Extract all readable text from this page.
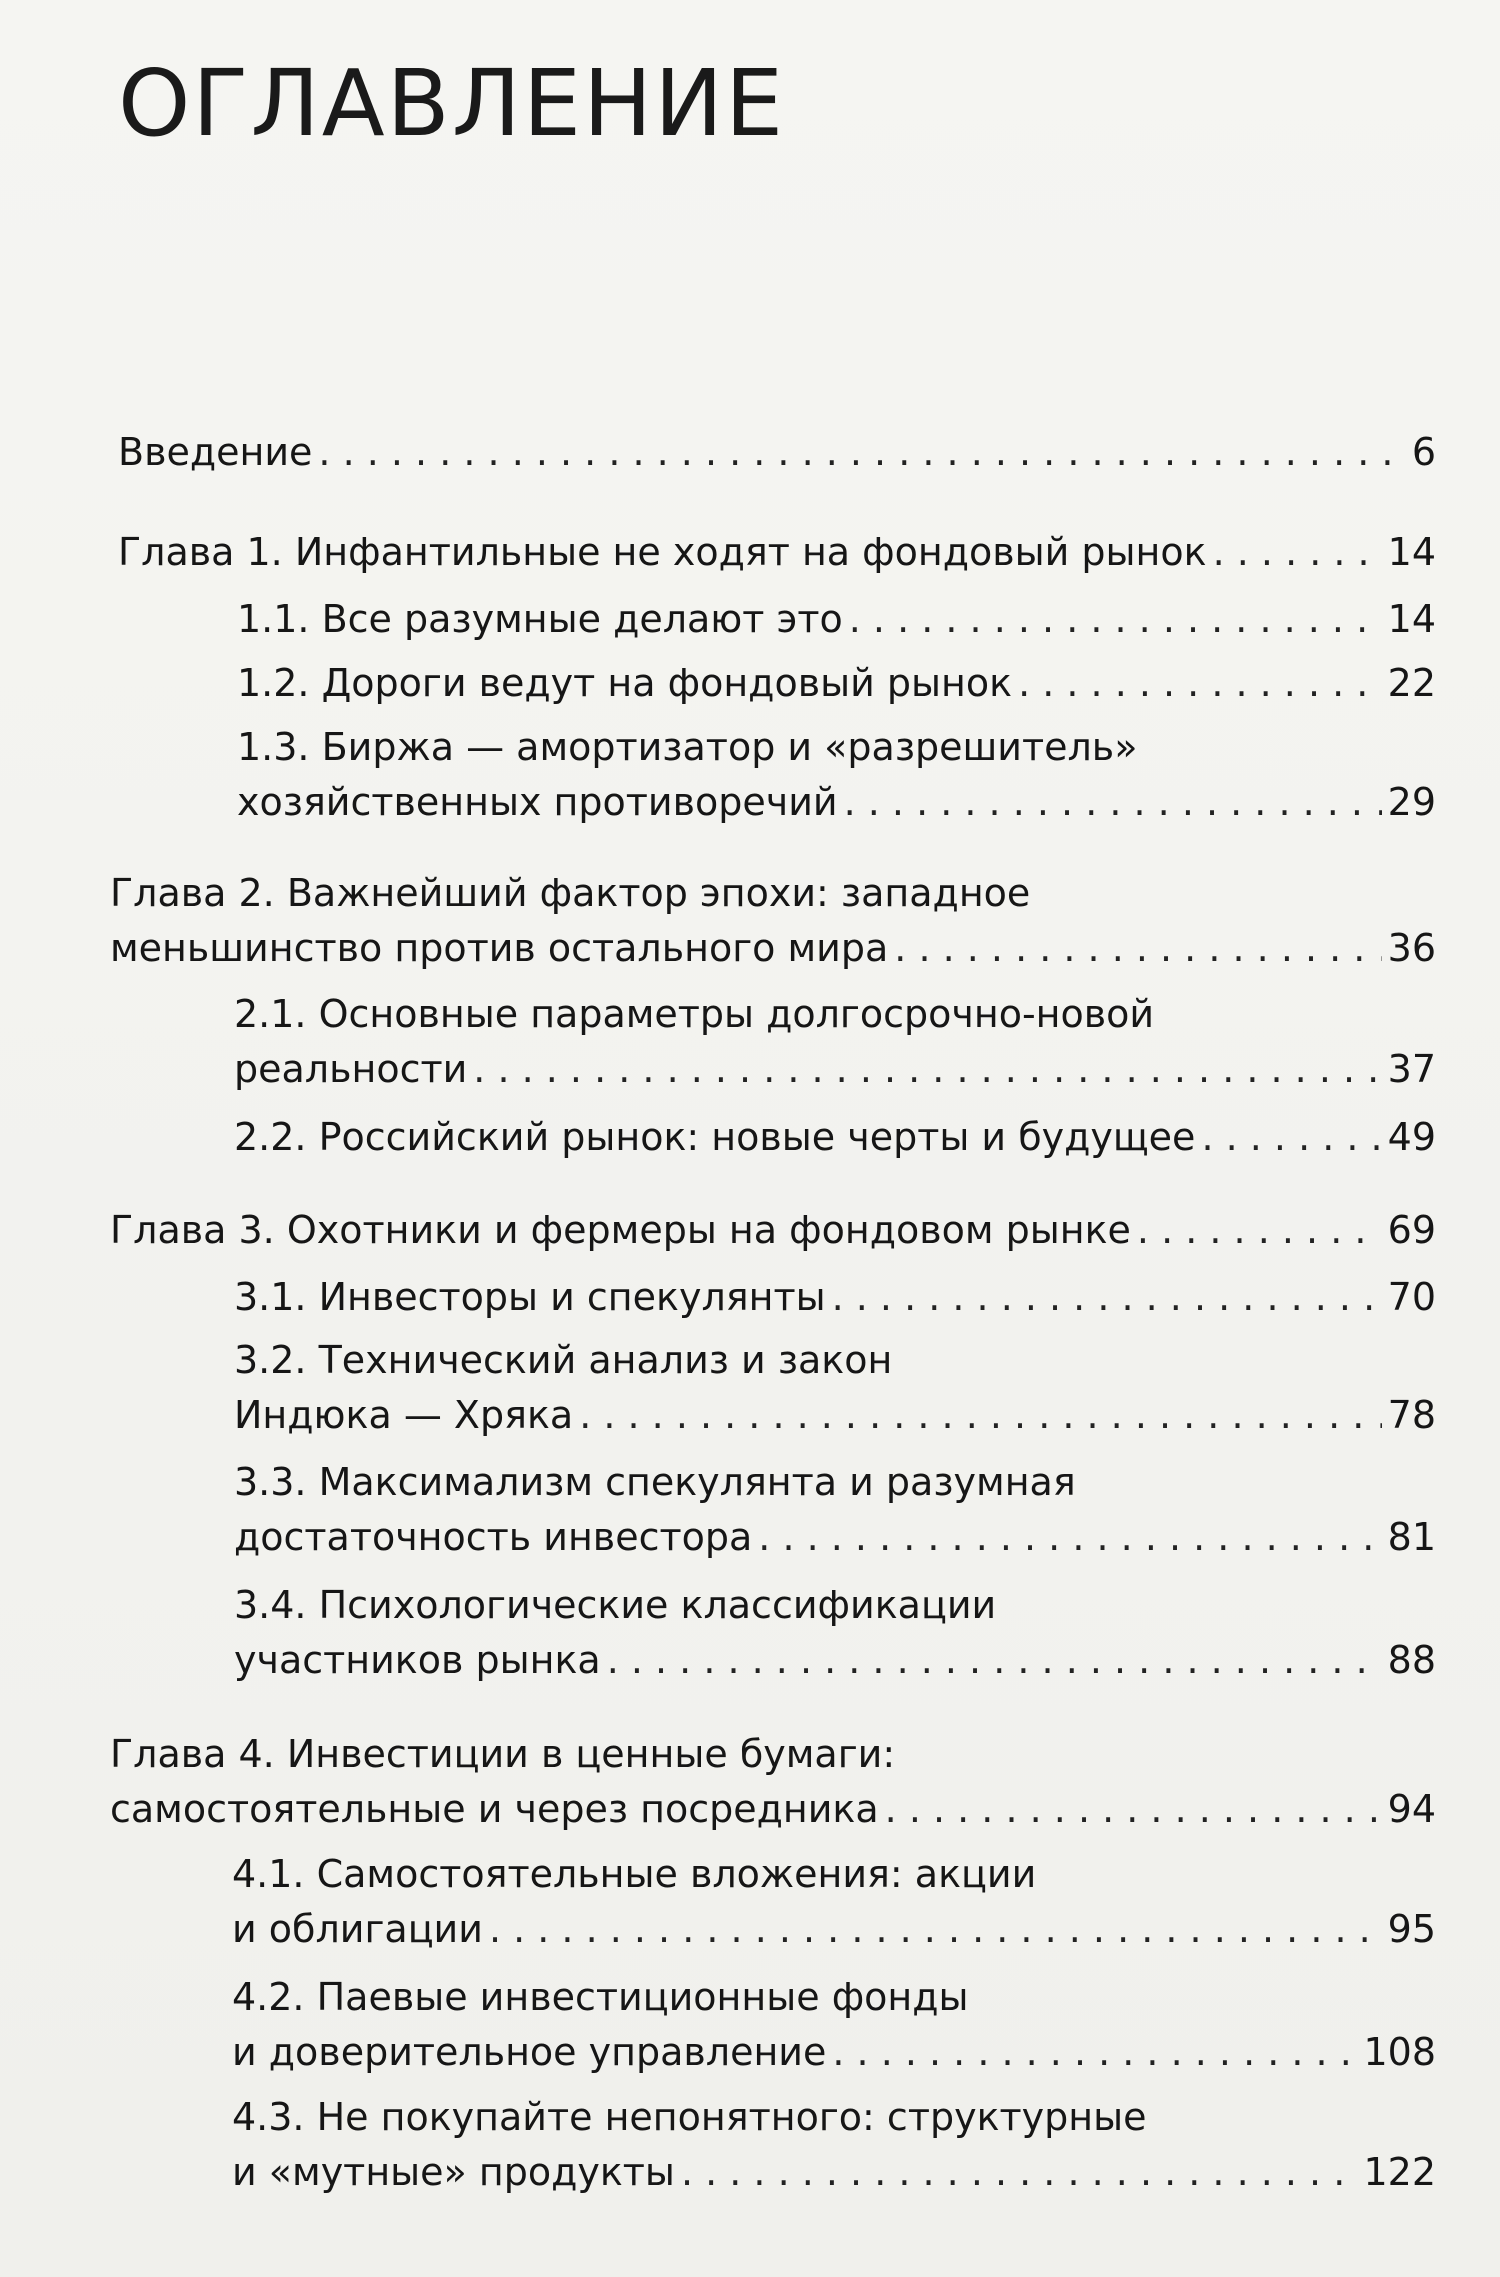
ОГЛАВЛЕНИЕ
Введение . . .	6
Глава 1. Инфантильные не ходят на фондовый рынок . . .	14
1.1. Все разумные делают это . . .	14
1.2. Дороги ведут на фондовый рынок . . .	22
1.3. Биржа — амортизатор и «разрешитель»
хозяйственных противоречий . . .	29
Глава 2. Важнейший фактор эпохи: западное
меньшинство против остального мира . . .	36
2.1. Основные параметры долгосрочно-новой
реальности . . .	37
2.2. Российский рынок: новые черты и будущее . . .	49
Глава 3. Охотники и фермеры на фондовом рынке . . .	69
3.1. Инвесторы и спекулянты . . .	70
3.2. Технический анализ и закон
Индюка — Хряка . . .	78
3.3. Максимализм спекулянта и разумная
достаточность инвестора . . .	81
3.4. Психологические классификации
участников рынка . . .	88
Глава 4. Инвестиции в ценные бумаги:
самостоятельные и через посредника . . .	94
4.1. Самостоятельные вложения: акции
и облигации . . .	95
4.2. Паевые инвестиционные фонды
и доверительное управление . . .	108
4.3. Не покупайте непонятного: структурные
и «мутные» продукты . . .	122
